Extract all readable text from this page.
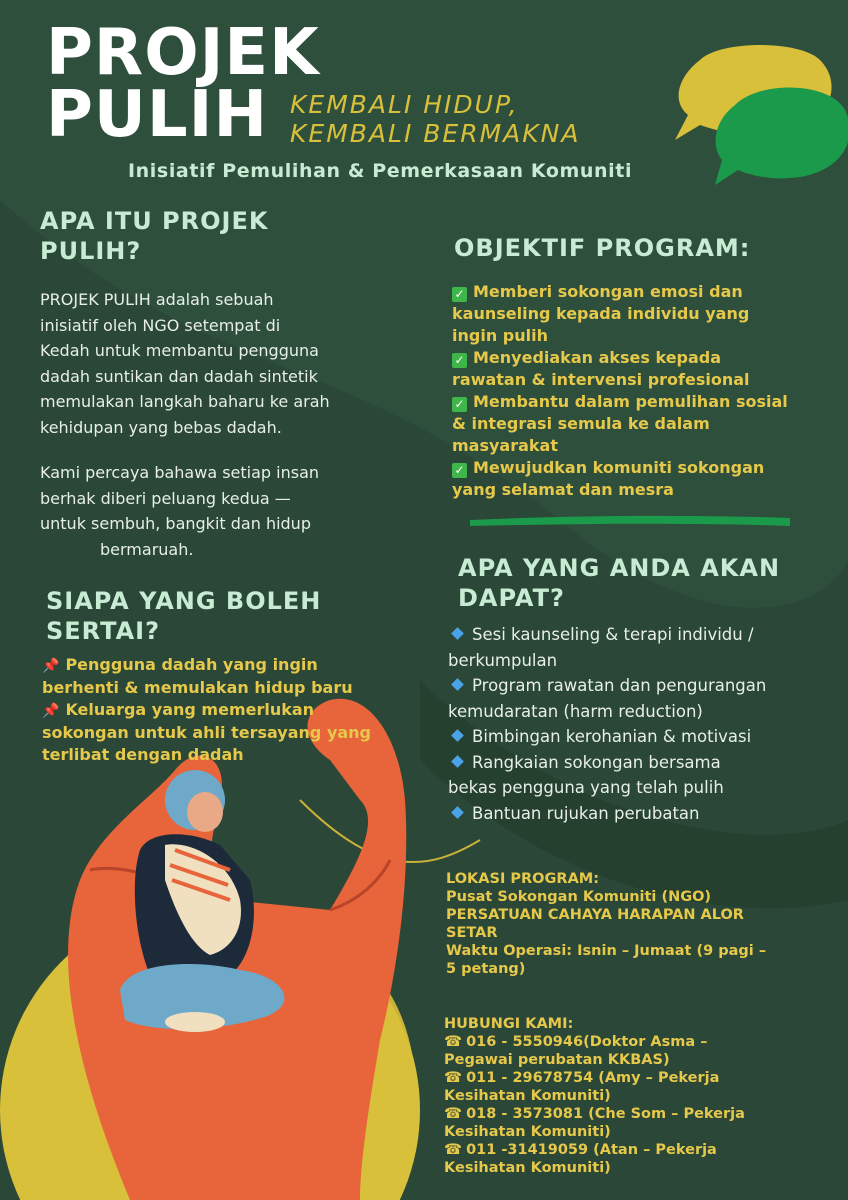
PROJEK
PULIH KEMBALI HIDUP,
KEMBALI BERMAKNA
Inisiatif Pemulihan & Pemerkasaan Komuniti
APA ITU PROJEK
PULIH?
PROJEK PULIH adalah sebuah
inisiatif oleh NGO setempat di
Kedah untuk membantu pengguna
dadah suntikan dan dadah sintetik
memulakan langkah baharu ke arah
kehidupan yang bebas dadah.
Kami percaya bahawa setiap insan
berhak diberi peluang kedua —
untuk sembuh, bangkit dan hidup
bermaruah.
OBJEKTIF PROGRAM:
✓ Memberi sokongan emosi dan
kaunseling kepada individu yang
ingin pulih
✓ Menyediakan akses kepada
rawatan & intervensi profesional
✓ Membantu dalam pemulihan sosial
& integrasi semula ke dalam
masyarakat
✓ Mewujudkan komuniti sokongan
yang selamat dan mesra
SIAPA YANG BOLEH
SERTAI?
📌 Pengguna dadah yang ingin
berhenti & memulakan hidup baru
📌 Keluarga yang memerlukan
sokongan untuk ahli tersayang yang
terlibat dengan dadah
APA YANG ANDA AKAN
DAPAT?
Sesi kaunseling & terapi individu /
berkumpulan
Program rawatan dan pengurangan
kemudaratan (harm reduction)
Bimbingan kerohanian & motivasi
Rangkaian sokongan bersama
bekas pengguna yang telah pulih
Bantuan rujukan perubatan
LOKASI PROGRAM:
Pusat Sokongan Komuniti (NGO)
PERSATUAN CAHAYA HARAPAN ALOR
SETAR
Waktu Operasi: Isnin – Jumaat (9 pagi –
5 petang)
HUBUNGI KAMI:
☎ 016 - 5550946(Doktor Asma –
Pegawai perubatan KKBAS)
☎ 011 - 29678754 (Amy – Pekerja
Kesihatan Komuniti)
☎ 018 - 3573081 (Che Som – Pekerja
Kesihatan Komuniti)
☎ 011 -31419059 (Atan – Pekerja
Kesihatan Komuniti)
